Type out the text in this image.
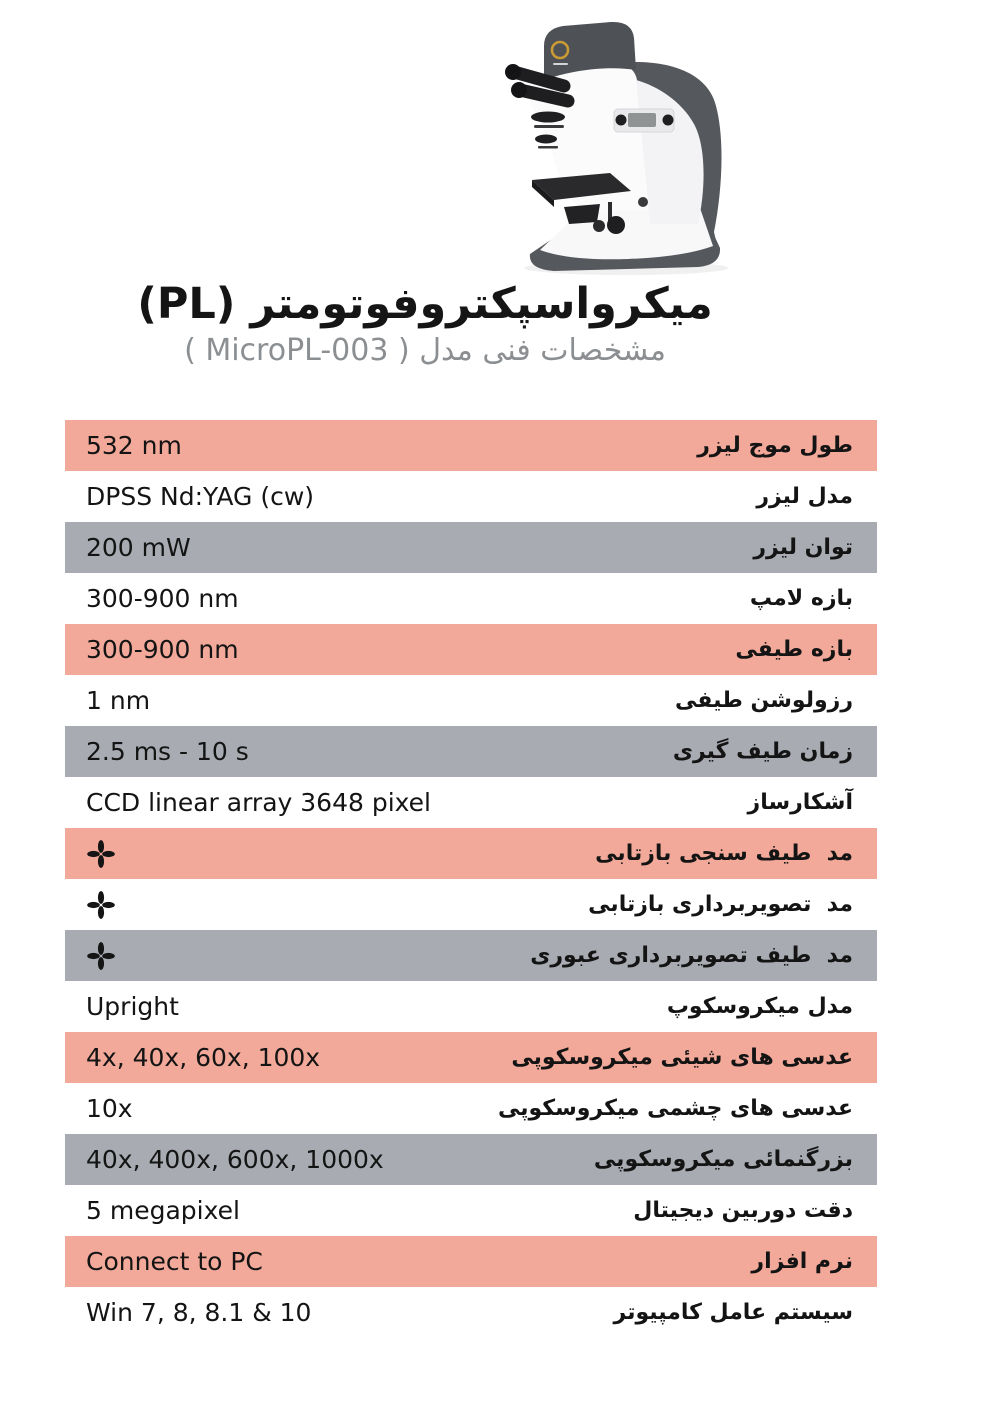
میکرواسپکتروفوتومتر (PL)
مشخصات فنی مدل ( MicroPL-003 )
532 nm	طول موج لیزر
DPSS Nd:YAG (cw)	مدل لیزر
200 mW	توان لیزر
300-900 nm	بازه لامپ
300-900 nm	بازه طیفی
1 nm	رزولوشن طیفی
2.5 ms - 10 s	زمان طیف گیری
CCD linear array 3648 pixel	آشکارساز
مد  طیف سنجی بازتابی
مد  تصویربرداری بازتابی
مد  طیف تصویربرداری عبوری
Upright	مدل میکروسکوپ
4x, 40x, 60x, 100x	عدسی های شیئی میکروسکوپی
10x	عدسی های چشمی میکروسکوپی
40x, 400x, 600x, 1000x	بزرگنمائی میکروسکوپی
5 megapixel	دقت دوربین دیجیتال
Connect to PC	نرم افزار
Win 7, 8, 8.1 & 10	سیستم عامل کامپیوتر
